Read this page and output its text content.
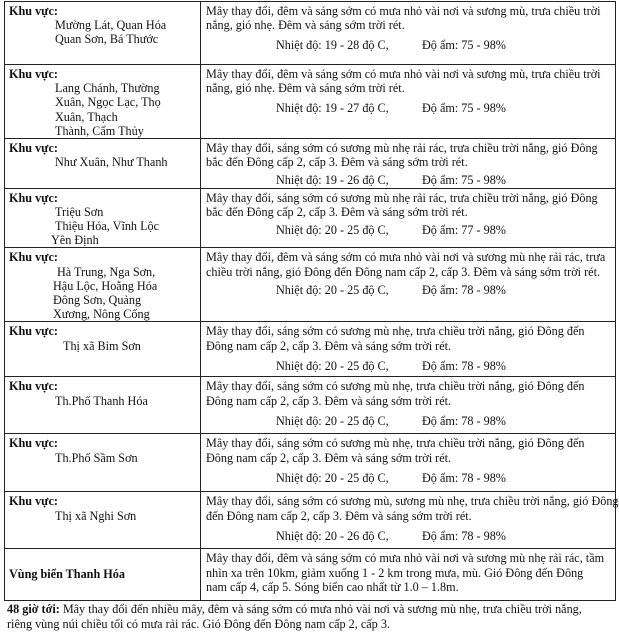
Khu vực:
Mường Lát, Quan Hóa
Quan Sơn, Bá Thước	Mây thay đổi, đêm và sáng sớm có mưa nhỏ vài nơi và sương mù, trưa chiều trời
nắng, gió nhẹ. Đêm và sáng sớm trời rét.
Nhiệt độ: 19 - 28 độ C, Độ ẩm: 75 - 98%

Khu vực:
Lang Chánh, Thường
Xuân, Ngọc Lạc, Thọ
Xuân, Thạch
Thành, Cẩm Thủy	Mây thay đổi, đêm và sáng sớm có mưa nhỏ vài nơi và sương mù, trưa chiều trời
nắng, gió nhẹ. Đêm và sáng sớm trời rét.
Nhiệt độ: 19 - 27 độ C, Độ ẩm: 75 - 98%

Khu vực:
Như Xuân, Như Thanh	Mây thay đổi, sáng sớm có sương mù nhẹ rải rác, trưa chiều trời nắng, gió Đông
bắc đến Đông cấp 2, cấp 3. Đêm và sáng sớm trời rét.
Nhiệt độ: 19 - 26 độ C, Độ ẩm: 75 - 98%

Khu vực:
Triệu Sơn
Thiệu Hóa, Vĩnh Lộc
Yên Định	Mây thay đổi, sáng sớm có sương mù nhẹ rải rác, trưa chiều trời nắng, gió Đông
bắc đến Đông cấp 2, cấp 3. Đêm và sáng sớm trời rét.
Nhiệt độ: 20 - 25 độ C, Độ ẩm: 77 - 98%

Khu vực:
Hà Trung, Nga Sơn,
Hậu Lộc, Hoằng Hóa
Đông Sơn, Quảng
Xương, Nông Cống	Mây thay đổi, đêm và sáng sớm có mưa nhỏ vài nơi và sương mù nhẹ rải rác, trưa
chiều trời nắng, gió Đông đến Đông nam cấp 2, cấp 3. Đêm và sáng sớm trời rét.
Nhiệt độ: 20 - 25 độ C, Độ ẩm: 78 - 98%

Khu vực:
Thị xã Bỉm Sơn	Mây thay đổi, sáng sớm có sương mù nhẹ, trưa chiều trời nắng, gió Đông đến
Đông nam cấp 2, cấp 3. Đêm và sáng sớm trời rét.
Nhiệt độ: 20 - 25 độ C, Độ ẩm: 78 - 98%

Khu vực:
Th.Phố Thanh Hóa	Mây thay đổi, sáng sớm có sương mù nhẹ, trưa chiều trời nắng, gió Đông đến
Đông nam cấp 2, cấp 3. Đêm và sáng sớm trời rét.
Nhiệt độ: 20 - 25 độ C, Độ ẩm: 78 - 98%

Khu vực:
Th.Phố Sầm Sơn	Mây thay đổi, sáng sớm có sương mù nhẹ, trưa chiều trời nắng, gió Đông đến
Đông nam cấp 2, cấp 3. Đêm và sáng sớm trời rét.
Nhiệt độ: 20 - 25 độ C, Độ ẩm: 78 - 98%

Khu vực:
Thị xã Nghi Sơn	Mây thay đổi, sáng sớm có sương mù, sương mù nhẹ, trưa chiều trời nắng, gió Đông
đến Đông nam cấp 2, cấp 3. Đêm và sáng sớm trời rét.
Nhiệt độ: 20 - 26 độ C, Độ ẩm: 78 - 98%

Vùng biển Thanh Hóa	Mây thay đổi, đêm và sáng sớm có mưa nhỏ vài nơi và sương mù nhẹ rải rác, tầm
nhìn xa trên 10km, giảm xuống 1 - 2 km trong mưa, mù. Gió Đông đến Đông
nam cấp 4, cấp 5. Sóng biển cao nhất từ 1.0 – 1.8m.
48 giờ tới: Mây thay đổi đến nhiều mây, đêm và sáng sớm có mưa nhỏ vài nơi và sương mù nhẹ, trưa chiều trời nắng,
riêng vùng núi chiều tối có mưa rải rác. Gió Đông đến Đông nam cấp 2, cấp 3.
